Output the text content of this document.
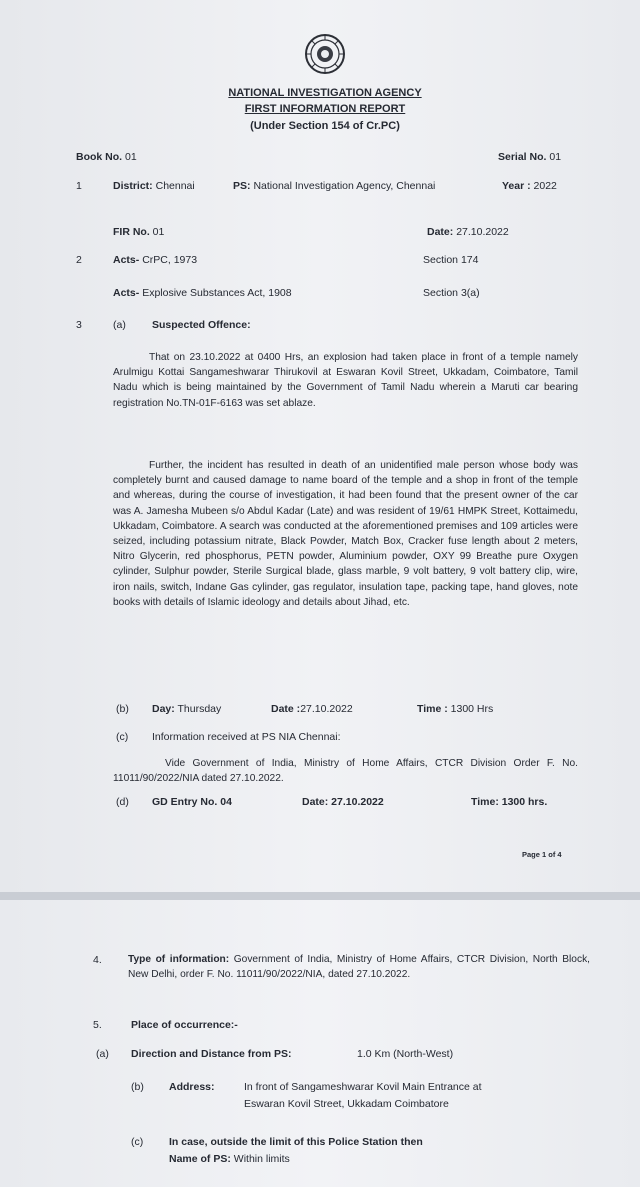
NATIONAL INVESTIGATION AGENCY
FIRST INFORMATION REPORT
(Under Section 154 of Cr.PC)
Book No. 01	Serial No. 01
1	District: Chennai	PS: National Investigation Agency, Chennai	Year : 2022
FIR No. 01	Date: 27.10.2022
2	Acts- CrPC, 1973	Section 174
Acts- Explosive Substances Act, 1908	Section 3(a)
3	(a) Suspected Offence:
That on 23.10.2022 at 0400 Hrs, an explosion had taken place in front of a temple namely Arulmigu Kottai Sangameshwarar Thirukovil at Eswaran Kovil Street, Ukkadam, Coimbatore, Tamil Nadu which is being maintained by the Government of Tamil Nadu wherein a Maruti car bearing registration No.TN-01F-6163 was set ablaze.
Further, the incident has resulted in death of an unidentified male person whose body was completely burnt and caused damage to name board of the temple and a shop in front of the temple and whereas, during the course of investigation, it had been found that the present owner of the car was A. Jamesha Mubeen s/o Abdul Kadar (Late) and was resident of 19/61 HMPK Street, Kottaimedu, Ukkadam, Coimbatore. A search was conducted at the aforementioned premises and 109 articles were seized, including potassium nitrate, Black Powder, Match Box, Cracker fuse length about 2 meters, Nitro Glycerin, red phosphorus, PETN powder, Aluminium powder, OXY 99 Breathe pure Oxygen cylinder, Sulphur powder, Sterile Surgical blade, glass marble, 9 volt battery, 9 volt battery clip, wire, iron nails, switch, Indane Gas cylinder, gas regulator, insulation tape, packing tape, hand gloves, note books with details of Islamic ideology and details about Jihad, etc.
(b) Day: Thursday	Date :27.10.2022	Time : 1300 Hrs
(c) Information received at PS NIA Chennai:
Vide Government of India, Ministry of Home Affairs, CTCR Division Order F. No. 11011/90/2022/NIA dated 27.10.2022.
(d) GD Entry No. 04	Date: 27.10.2022	Time: 1300 hrs.
Page 1 of 4
4.	Type of information: Government of India, Ministry of Home Affairs, CTCR Division, North Block, New Delhi, order F. No. 11011/90/2022/NIA, dated 27.10.2022.
5.	Place of occurrence:-
(a) Direction and Distance from PS:	1.0 Km (North-West)
(b) Address:	In front of Sangameshwarar Kovil Main Entrance at
Eswaran Kovil Street, Ukkadam Coimbatore
(c) In case, outside the limit of this Police Station then
Name of PS: Within limits
